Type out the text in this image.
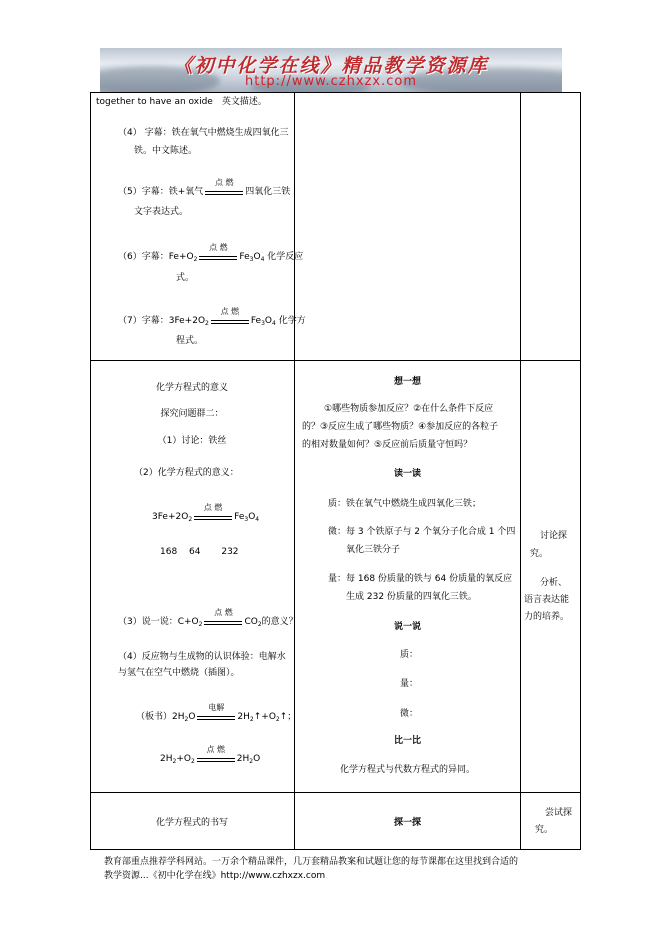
《初中化学在线》精品教学资源库
http://www.czhxzx.com
together to have an oxide　英文描述。
（4） 字幕：铁在氧气中燃烧生成四氧化三
铁。中文陈述。
（5）字幕：铁+氧气
点 燃
四氧化三铁
文字表达式。
（6）字幕：$Fe+O_2$
点 燃
$Fe_3O_4$ 化学反应
式。
（7）字幕：$3Fe+2O_2$
点 燃
$Fe_3O_4$ 化学方
程式。
化学方程式的意义
探究问题群二：
（1）讨论：铁丝
（2）化学方程式的意义：
$3Fe+2O_2$
点 燃
$Fe_3O_4$
168　 64　　 232
（3）说一说：$C+O_2$
点 燃
$CO_2$的意义？
（4）反应物与生成物的认识体验：电解水
与氢气在空气中燃烧（插图）。
（板书）$2H_2O$
电解
$2H_2↑+O_2↑$；
$2H_2+O_2$
点 燃
$2H_2O$
想一想
①哪些物质参加反应？②在什么条件下反应
的？③反应生成了哪些物质？④参加反应的各粒子
的相对数量如何？⑤反应前后质量守恒吗？
读一读
质：铁在氧气中燃烧生成四氧化三铁；
微：每 3 个铁原子与 2 个氧分子化合成 1 个四
氧化三铁分子
量：每 168 份质量的铁与 64 份质量的氧反应
生成 232 份质量的四氧化三铁。
说一说
质：
量：
微：
比一比
化学方程式与代数方程式的异同。
讨论探
究。
分析、
语言表达能
力的培养。
化学方程式的书写	探一探
尝试探
究。
教育部重点推荐学科网站。一万余个精品课件，几万套精品教案和试题让您的每节课都在这里找到合适的
教学资源...《初中化学在线》http://www.czhxzx.com
